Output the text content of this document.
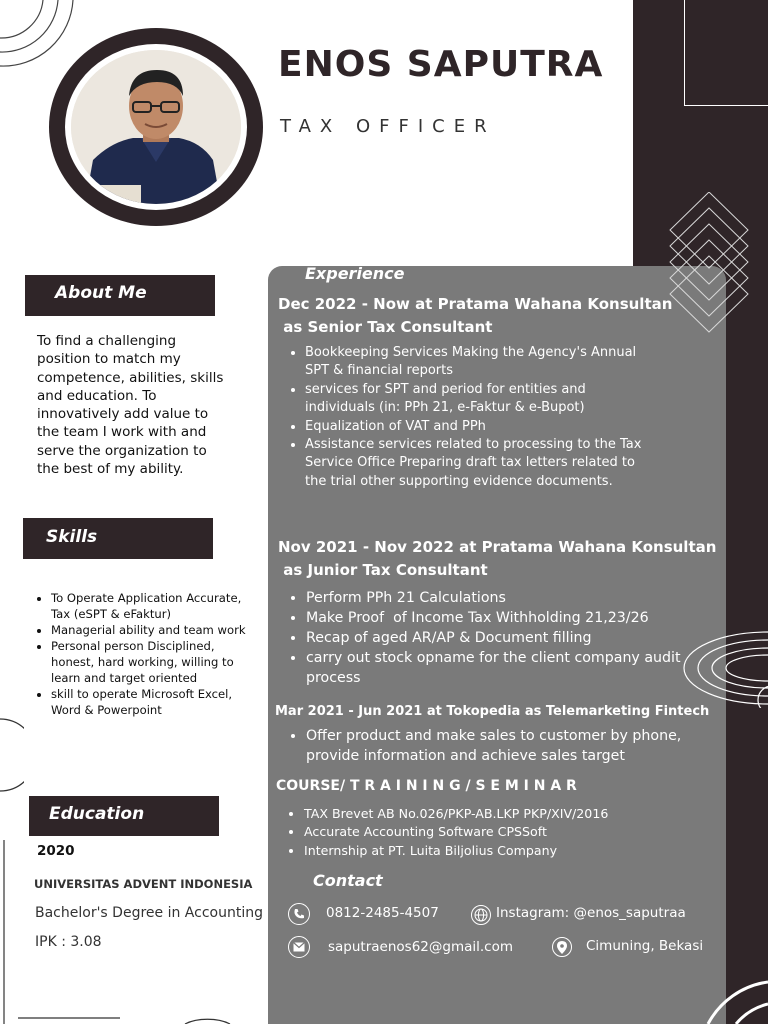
ENOS SAPUTRA
TAX OFFICER
About Me
To find a challenging position to match my competence, abilities, skills and education. To innovatively add value to the team I work with and serve the organization to the best of my ability.
Skills
• To Operate Application Accurate, Tax (eSPT & eFaktur)
• Managerial ability and team work
• Personal person Disciplined, honest, hard working, willing to learn and target oriented
• skill to operate Microsoft Excel, Word & Powerpoint
Education
2020
UNIVERSITAS ADVENT INDONESIA
Bachelor's Degree in Accounting
IPK : 3.08
Experience
Dec 2022 - Now at Pratama Wahana Konsultan
as Senior Tax Consultant
• Bookkeeping Services Making the Agency's Annual SPT & financial reports
• services for SPT and period for entities and individuals (in: PPh 21, e-Faktur & e-Bupot)
• Equalization of VAT and PPh
• Assistance services related to processing to the Tax Service Office Preparing draft tax letters related to the trial other supporting evidence documents.
Nov 2021 - Nov 2022 at Pratama Wahana Konsultan
as Junior Tax Consultant
• Perform PPh 21 Calculations
• Make Proof  of Income Tax Withholding 21,23/26
• Recap of aged AR/AP & Document filling
• carry out stock opname for the client company audit process
Mar 2021 - Jun 2021 at Tokopedia as Telemarketing Fintech
• Offer product and make sales to customer by phone, provide information and achieve sales target
COURSE/ T R A I N I N G / S E M I N A R
• TAX Brevet AB No.026/PKP-AB.LKP PKP/XIV/2016
• Accurate Accounting Software CPSSoft
• Internship at PT. Luita Biljolius Company
Contact
0812-2485-4507	Instagram: @enos_saputraa
saputraenos62@gmail.com	Cimuning, Bekasi
